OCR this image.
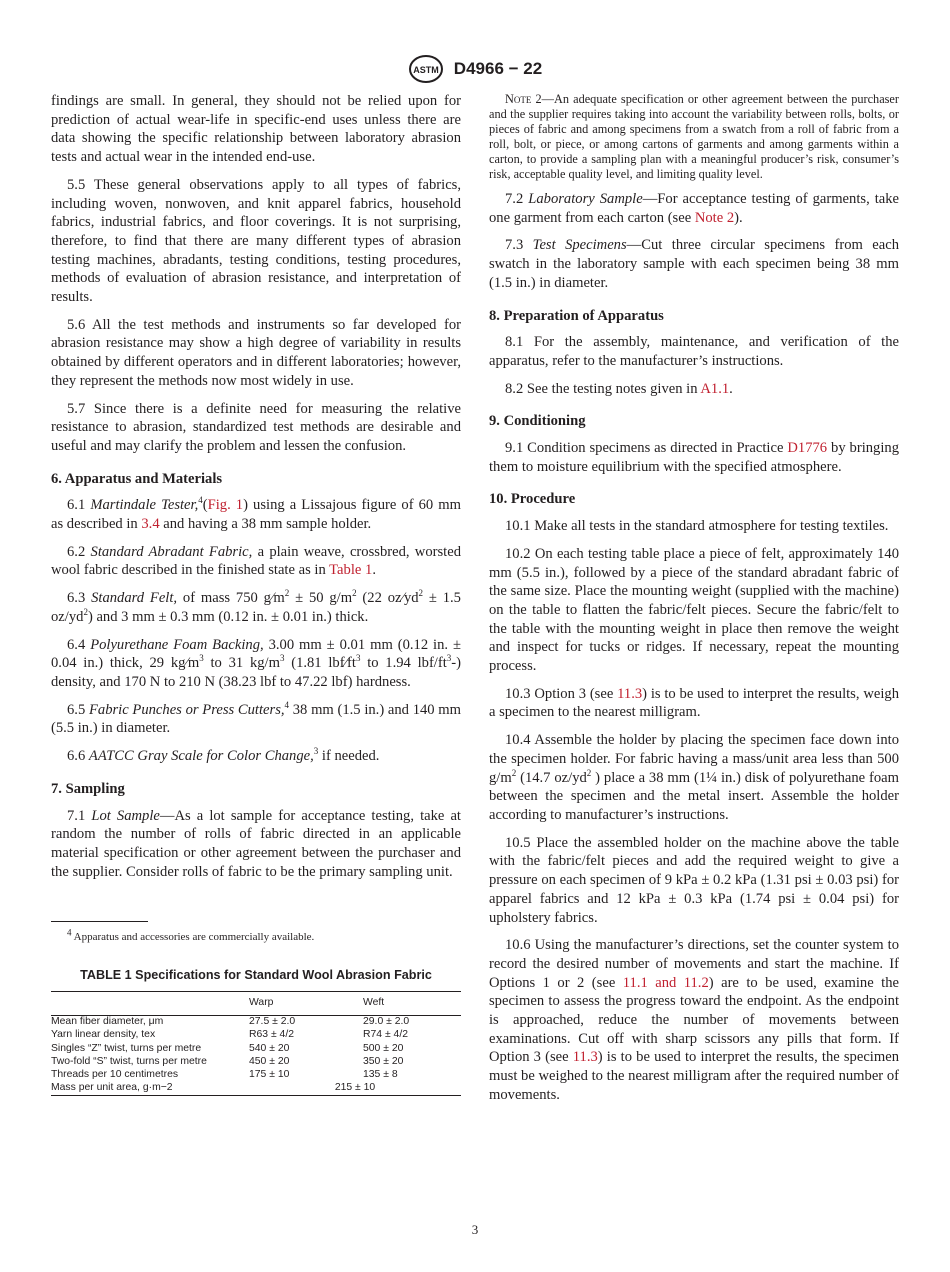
ASTM D4966 − 22

findings are small. In general, they should not be relied upon for prediction of actual wear-life in specific-end uses unless there are data showing the specific relationship between laboratory abrasion tests and actual wear in the intended end-use.

5.5 These general observations apply to all types of fabrics, including woven, nonwoven, and knit apparel fabrics, household fabrics, industrial fabrics, and floor coverings. It is not surprising, therefore, to find that there are many different types of abrasion testing machines, abradants, testing conditions, testing procedures, methods of evaluation of abrasion resistance, and interpretation of results.

5.6 All the test methods and instruments so far developed for abrasion resistance may show a high degree of variability in results obtained by different operators and in different laboratories; however, they represent the methods now most widely in use.

5.7 Since there is a definite need for measuring the relative resistance to abrasion, standardized test methods are desirable and useful and may clarify the problem and lessen the confusion.

6. Apparatus and Materials

6.1 Martindale Tester,$^4$(Fig. 1) using a Lissajous figure of 60 mm as described in 3.4 and having a 38 mm sample holder.

6.2 Standard Abradant Fabric, a plain weave, crossbred, worsted wool fabric described in the finished state as in Table 1.

6.3 Standard Felt, of mass 750 $g⁄m^2 \pm 50$ $g/m^2$ (22 $oz⁄yd^2 \pm 1.5$ $oz/yd^2$) and 3 mm ± 0.3 mm (0.12 in. ± 0.01 in.) thick.

6.4 Polyurethane Foam Backing, 3.00 mm ± 0.01 mm (0.12 in. ± 0.04 in.) thick, 29 $kg⁄m^3$ to 31 $kg/m^3$ (1.81 $lbf⁄ft^3$ to 1.94 lbf/$ft^3-$) density, and 170 N to 210 N (38.23 lbf to 47.22 lbf) hardness.

6.5 Fabric Punches or Press Cutters,$^4$ 38 mm (1.5 in.) and 140 mm (5.5 in.) in diameter.

6.6 AATCC Gray Scale for Color Change,$^3$ if needed.

7. Sampling

7.1 Lot Sample—As a lot sample for acceptance testing, take at random the number of rolls of fabric directed in an applicable material specification or other agreement between the purchaser and the supplier. Consider rolls of fabric to be the primary sampling unit.

$^4$ Apparatus and accessories are commercially available.
TABLE 1 Specifications for Standard Wool Abrasion Fabric
	Warp	Weft
Mean fiber diameter, μm	27.5 ± 2.0	29.0 ± 2.0
Yarn linear density, tex	R63 ± 4/2	R74 ± 4/2
Singles “Z” twist, turns per metre	540 ± 20	500 ± 20
Two-fold “S” twist, turns per metre	450 ± 20	350 ± 20
Threads per 10 centimetres	175 ± 10	135 ± 8
Mass per unit area, g·m−2	215 ± 10	
Note 2—An adequate specification or other agreement between the purchaser and the supplier requires taking into account the variability between rolls, bolts, or pieces of fabric and among specimens from a swatch from a roll of fabric from a roll, bolt, or piece, or among cartons of garments and among garments within a carton, to provide a sampling plan with a meaningful producer’s risk, consumer’s risk, acceptable quality level, and limiting quality level.

7.2 Laboratory Sample—For acceptance testing of garments, take one garment from each carton (see Note 2).

7.3 Test Specimens—Cut three circular specimens from each swatch in the laboratory sample with each specimen being 38 mm (1.5 in.) in diameter.

8. Preparation of Apparatus

8.1 For the assembly, maintenance, and verification of the apparatus, refer to the manufacturer’s instructions.

8.2 See the testing notes given in A1.1.

9. Conditioning

9.1 Condition specimens as directed in Practice D1776 by bringing them to moisture equilibrium with the specified atmosphere.

10. Procedure

10.1 Make all tests in the standard atmosphere for testing textiles.

10.2 On each testing table place a piece of felt, approximately 140 mm (5.5 in.), followed by a piece of the standard abradant fabric of the same size. Place the mounting weight (supplied with the machine) on the table to flatten the fabric/felt pieces. Secure the fabric/felt to the table with the mounting weight in place then remove the weight and inspect for tucks or ridges. If necessary, repeat the mounting process.

10.3 Option 3 (see 11.3) is to be used to interpret the results, weigh a specimen to the nearest milligram.

10.4 Assemble the holder by placing the specimen face down into the specimen holder. For fabric having a mass/unit area less than 500 $g/m^2$ (14.7 $oz/yd^2$ ) place a 38 mm (1¼ in.) disk of polyurethane foam between the specimen and the metal insert. Assemble the holder according to manufacturer’s instructions.

10.5 Place the assembled holder on the machine above the table with the fabric/felt pieces and add the required weight to give a pressure on each specimen of 9 kPa ± 0.2 kPa (1.31 psi ± 0.03 psi) for apparel fabrics and 12 kPa ± 0.3 kPa (1.74 psi ± 0.04 psi) for upholstery fabrics.

10.6 Using the manufacturer’s directions, set the counter system to record the desired number of movements and start the machine. If Options 1 or 2 (see 11.1 and 11.2) are to be used, examine the specimen to assess the progress toward the endpoint. As the endpoint is approached, reduce the number of movements between examinations. Cut off with sharp scissors any pills that form. If Option 3 (see 11.3) is to be used to interpret the results, the specimen must be weighed to the nearest milligram after the required number of movements.

3
